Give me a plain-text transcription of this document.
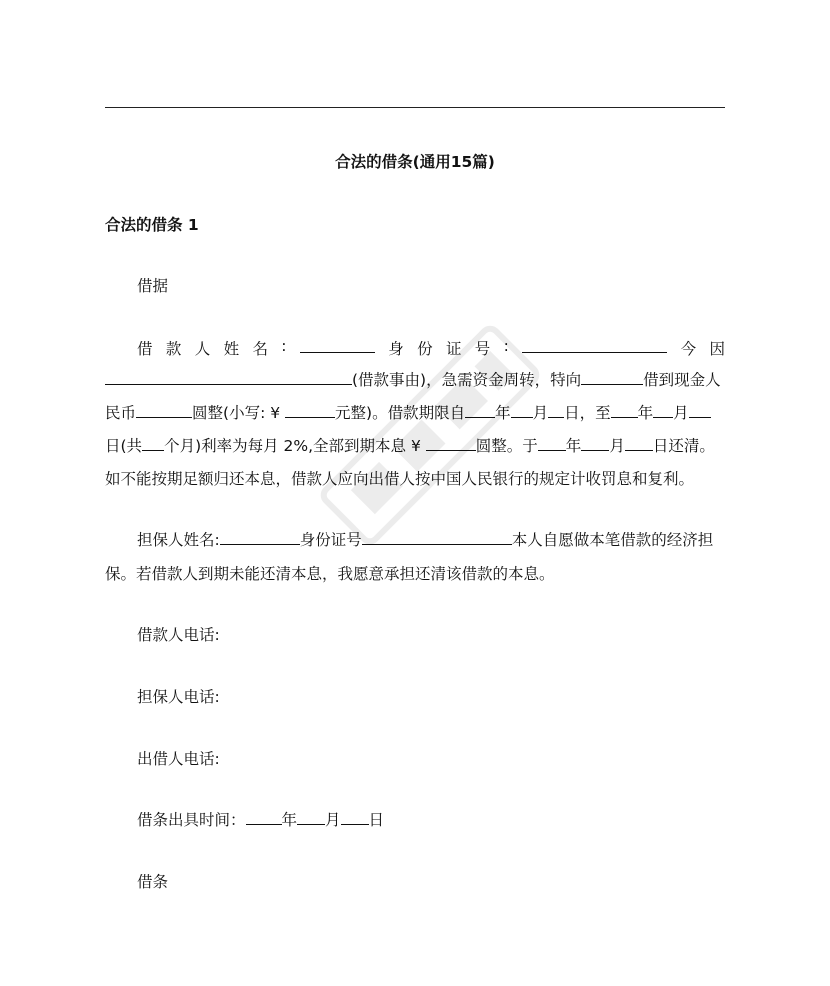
合法的借条(通用15篇)
合法的借条 1
借据
借 款 人 姓 名 :	身 份 证 号 :	今 因
(借款事由)，急需资金周转，特向	借到现金人
民币	圆整(小写: ¥	元整)。借款期限自 年 月 日，至 年 月
日(共 个月)利率为每月 2%,全部到期本息 ¥	圆整。于 年 月 日还清。
如不能按期足额归还本息，借款人应向出借人按中国人民银行的规定计收罚息和复利。
担保人姓名:	身份证号	本人自愿做本笔借款的经济担
保。若借款人到期未能还清本息，我愿意承担还清该借款的本息。
借款人电话:
担保人电话:
出借人电话:
借条出具时间： 年 月 日
借条
